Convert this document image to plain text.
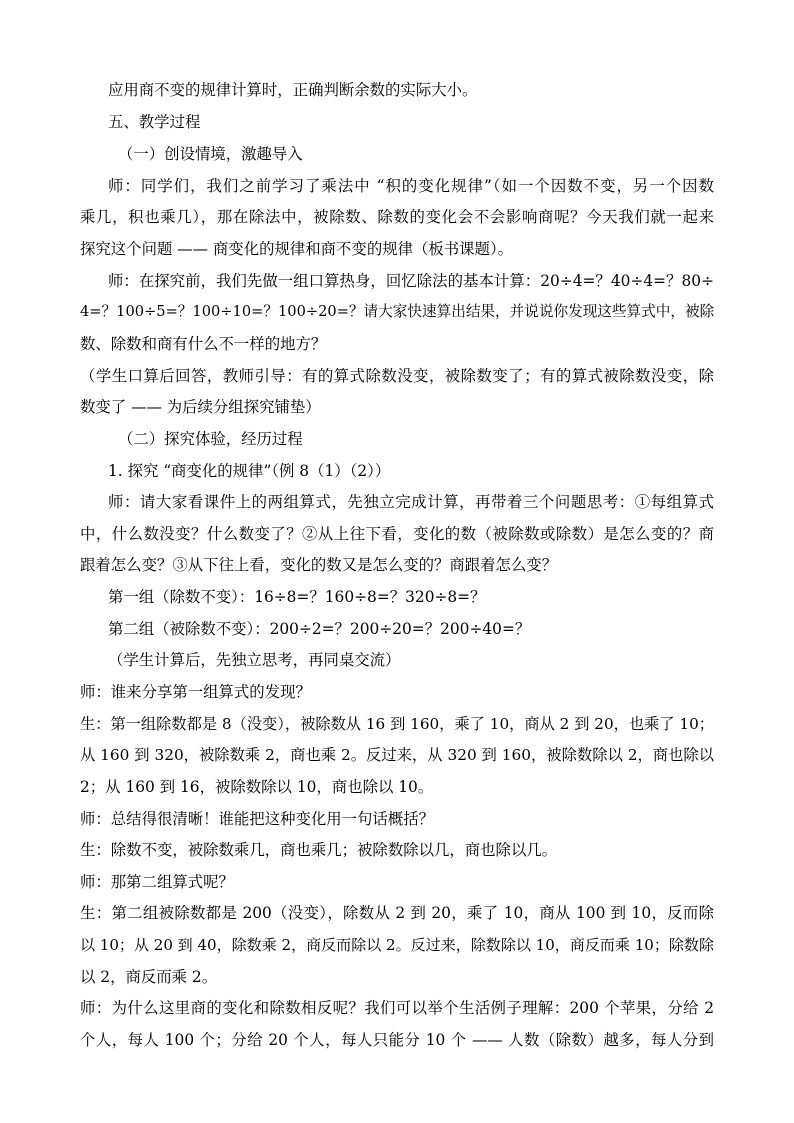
应用商不变的规律计算时，正确判断余数的实际大小。
五、教学过程
（一）创设情境，激趣导入
师：同学们，我们之前学习了乘法中 “积的变化规律”（如一个因数不变，另一个因数
乘几，积也乘几），那在除法中，被除数、除数的变化会不会影响商呢？今天我们就一起来
探究这个问题 —— 商变化的规律和商不变的规律（板书课题）。
师：在探究前，我们先做一组口算热身，回忆除法的基本计算：20÷4=？40÷4=？80÷
4=？100÷5=？100÷10=？100÷20=？请大家快速算出结果，并说说你发现这些算式中，被除
数、除数和商有什么不一样的地方？
（学生口算后回答，教师引导：有的算式除数没变，被除数变了；有的算式被除数没变，除
数变了 —— 为后续分组探究铺垫）
（二）探究体验，经历过程
1. 探究 “商变化的规律”（例 8（1）（2））
师：请大家看课件上的两组算式，先独立完成计算，再带着三个问题思考：①每组算式
中，什么数没变？什么数变了？②从上往下看，变化的数（被除数或除数）是怎么变的？商
跟着怎么变？③从下往上看，变化的数又是怎么变的？商跟着怎么变？
第一组（除数不变）：16÷8=？160÷8=？320÷8=？
第二组（被除数不变）：200÷2=？200÷20=？200÷40=？
（学生计算后，先独立思考，再同桌交流）
师：谁来分享第一组算式的发现？
生：第一组除数都是 8（没变），被除数从 16 到 160，乘了 10，商从 2 到 20，也乘了 10；
从 160 到 320，被除数乘 2，商也乘 2。反过来，从 320 到 160，被除数除以 2，商也除以
2；从 160 到 16，被除数除以 10，商也除以 10。
师：总结得很清晰！谁能把这种变化用一句话概括？
生：除数不变，被除数乘几，商也乘几；被除数除以几，商也除以几。
师：那第二组算式呢？
生：第二组被除数都是 200（没变），除数从 2 到 20，乘了 10，商从 100 到 10，反而除
以 10；从 20 到 40，除数乘 2，商反而除以 2。反过来，除数除以 10，商反而乘 10；除数除
以 2，商反而乘 2。
师：为什么这里商的变化和除数相反呢？我们可以举个生活例子理解：200 个苹果，分给 2
个人，每人 100 个；分给 20 个人，每人只能分 10 个 —— 人数（除数）越多，每人分到
